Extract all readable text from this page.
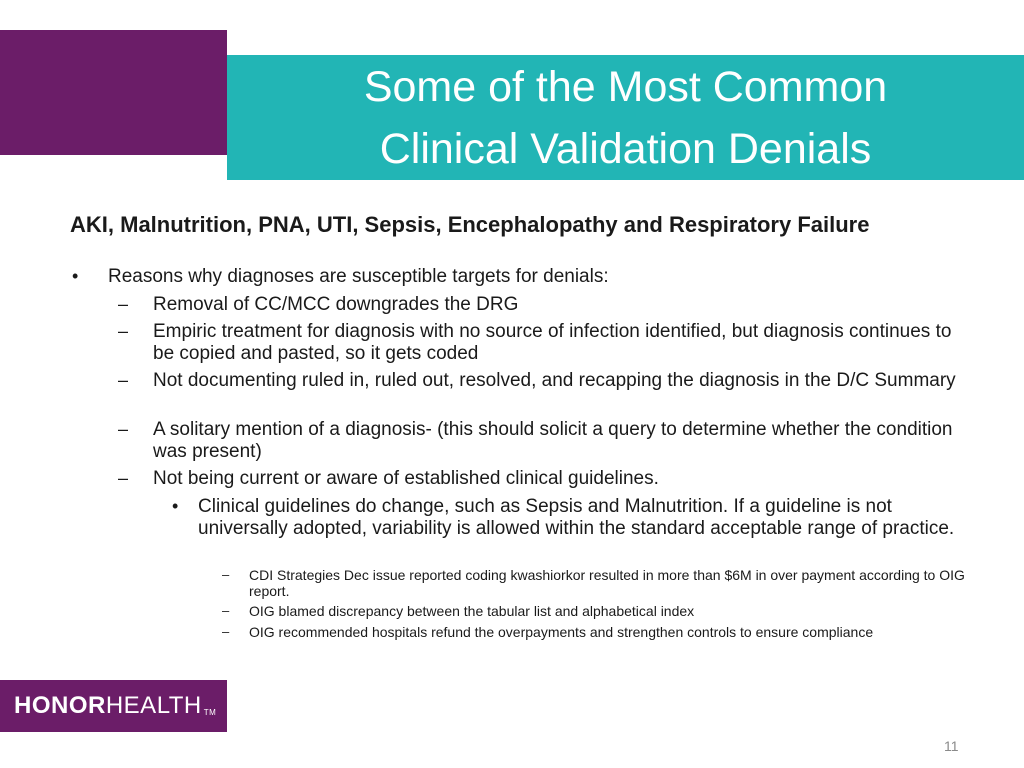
Some of the Most Common
Clinical Validation Denials
AKI, Malnutrition, PNA, UTI, Sepsis, Encephalopathy and Respiratory Failure
• Reasons why diagnoses are susceptible targets for denials:
– Removal of CC/MCC downgrades the DRG
– Empiric treatment for diagnosis with no source of infection identified, but diagnosis continues to be copied and pasted, so it gets coded
– Not documenting ruled in, ruled out, resolved, and recapping the diagnosis in the D/C Summary
– A solitary mention of a diagnosis- (this should solicit a query to determine whether the condition was present)
– Not being current or aware of established clinical guidelines.
• Clinical guidelines do change, such as Sepsis and Malnutrition. If a guideline is not universally adopted, variability is allowed within the standard acceptable range of practice.
– CDI Strategies Dec issue reported coding kwashiorkor resulted in more than $6M in over payment according to OIG report.
– OIG blamed discrepancy between the tabular list and alphabetical index
– OIG recommended hospitals refund the overpayments and strengthen controls to ensure compliance
HONOR HEALTH TM
11
